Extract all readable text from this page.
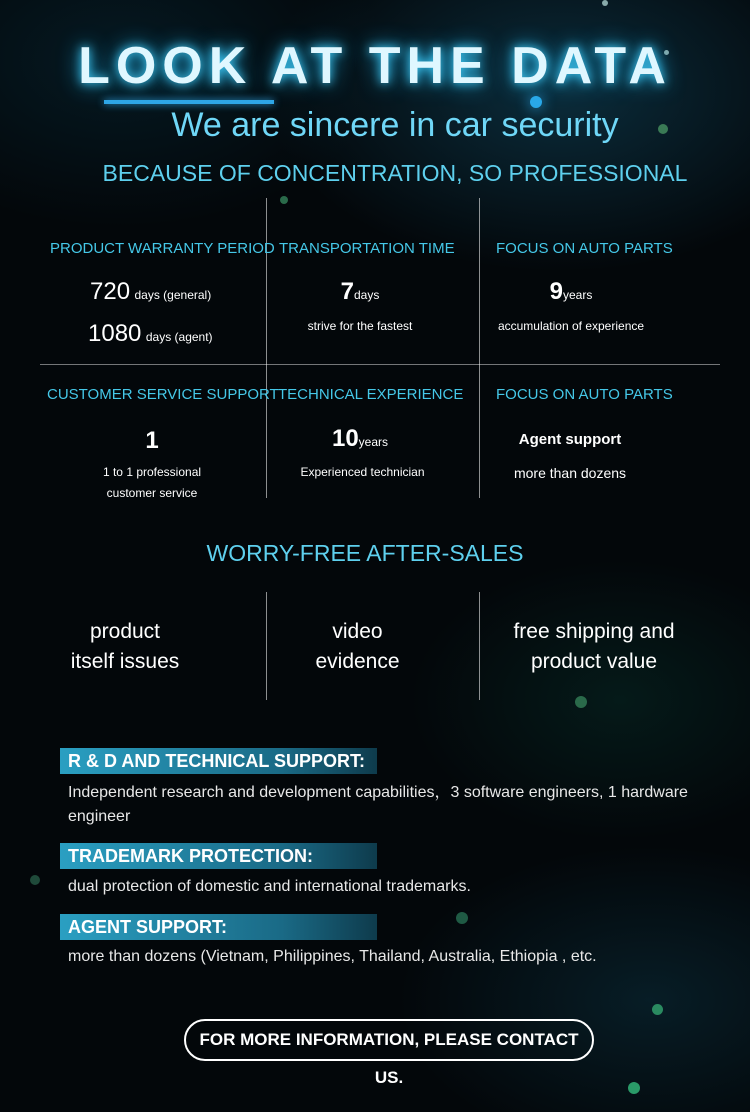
LOOK AT THE DATA
We are sincere in car security
BECAUSE OF CONCENTRATION, SO PROFESSIONAL
PRODUCT WARRANTY PERIOD
720 days (general)
1080 days (agent)
TRANSPORTATION TIME
7days
strive for the fastest
FOCUS ON AUTO PARTS
9years
accumulation of experience
CUSTOMER SERVICE SUPPORT
1
1 to 1 professional
customer service
TECHNICAL EXPERIENCE
10years
Experienced technician
FOCUS ON AUTO PARTS
Agent support
more than dozens
WORRY-FREE AFTER-SALES
product
itself issues
video
evidence
free shipping and
product value
R & D AND TECHNICAL SUPPORT:
Independent research and development capabilities，3 software engineers, 1 hardware engineer
TRADEMARK PROTECTION:
dual protection of domestic and international trademarks.
AGENT SUPPORT:
more than dozens (Vietnam, Philippines, Thailand, Australia, Ethiopia , etc.
FOR MORE INFORMATION, PLEASE CONTACT US.
